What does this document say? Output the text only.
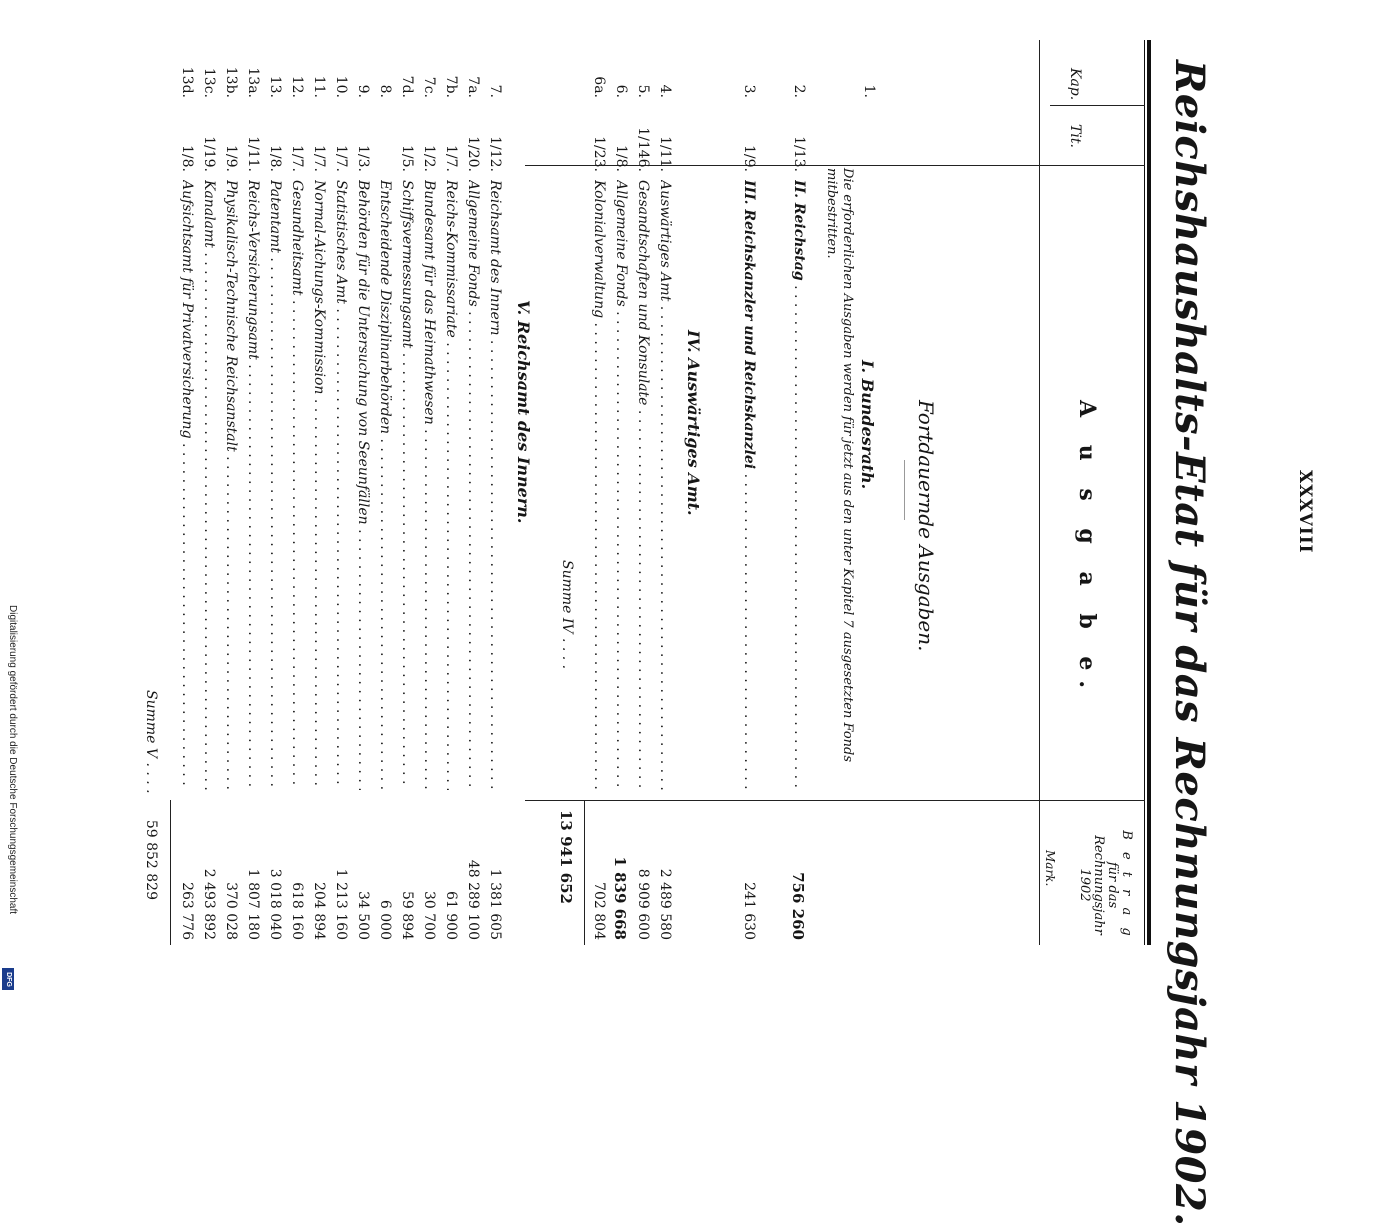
XXXVIII
Reichshaushalts-Etat für das Rechnungsjahr 1902.
Kap.
Tit.
A u s g a b e.
B e t r a g
für das
Rechnungsjahr
1902
Mark.
Fortdauernde Ausgaben.
1.
I. Bundesrath.
Die erforderlichen Ausgaben werden für jetzt aus den unter Kapitel 7 ausgesetzten Fonds mitbestritten.
2.
1/13.
II. Reichstag . . .
756 260
3.
1/9.
III. Reichskanzler und Reichskanzlei . . .
241 630
IV. Auswärtiges Amt.
4.
1/11.
Auswärtiges Amt . . .
2 489 580
5.
1/146.
Gesandtschaften und Konsulate . . .
8 909 600
6.
1/8.
Allgemeine Fonds . . .
1 839 668
6a.
1/23.
Kolonialverwaltung . . .
702 804
Summe IV . . . .
13 941 652
V. Reichsamt des Innern.
7.
1/12.
Reichsamt des Innern . . .
1 381 605
7a.
1/20.
Allgemeine Fonds . . .
48 289 100
7b.
1/7.
Reichs-Kommissariate . . .
61 900
7c.
1/2.
Bundesamt für das Heimathwesen . . .
30 700
7d.
1/5.
Schiffsvermessungsamt . . .
59 894
8.
Entscheidende Disziplinarbehörden . . .
6 000
9.
1/3.
Behörden für die Untersuchung von Seeunfällen . . .
34 500
10.
1/7.
Statistisches Amt . . .
1 213 160
11.
1/7.
Normal-Aichungs-Kommission . . .
204 894
12.
1/7.
Gesundheitsamt . . .
618 160
13.
1/8.
Patentamt . . .
3 018 040
13a.
1/11.
Reichs-Versicherungsamt . . .
1 807 180
13b.
1/9.
Physikalisch-Technische Reichsanstalt . . .
370 028
13c.
1/19.
Kanalamt . . .
2 493 892
13d.
1/8.
Aufsichtsamt für Privatversicherung . . .
263 776
Summe V . . . .
59 852 829
Digitalisierung gefördert durch die Deutsche Forschungsgemeinschaft
DFG
